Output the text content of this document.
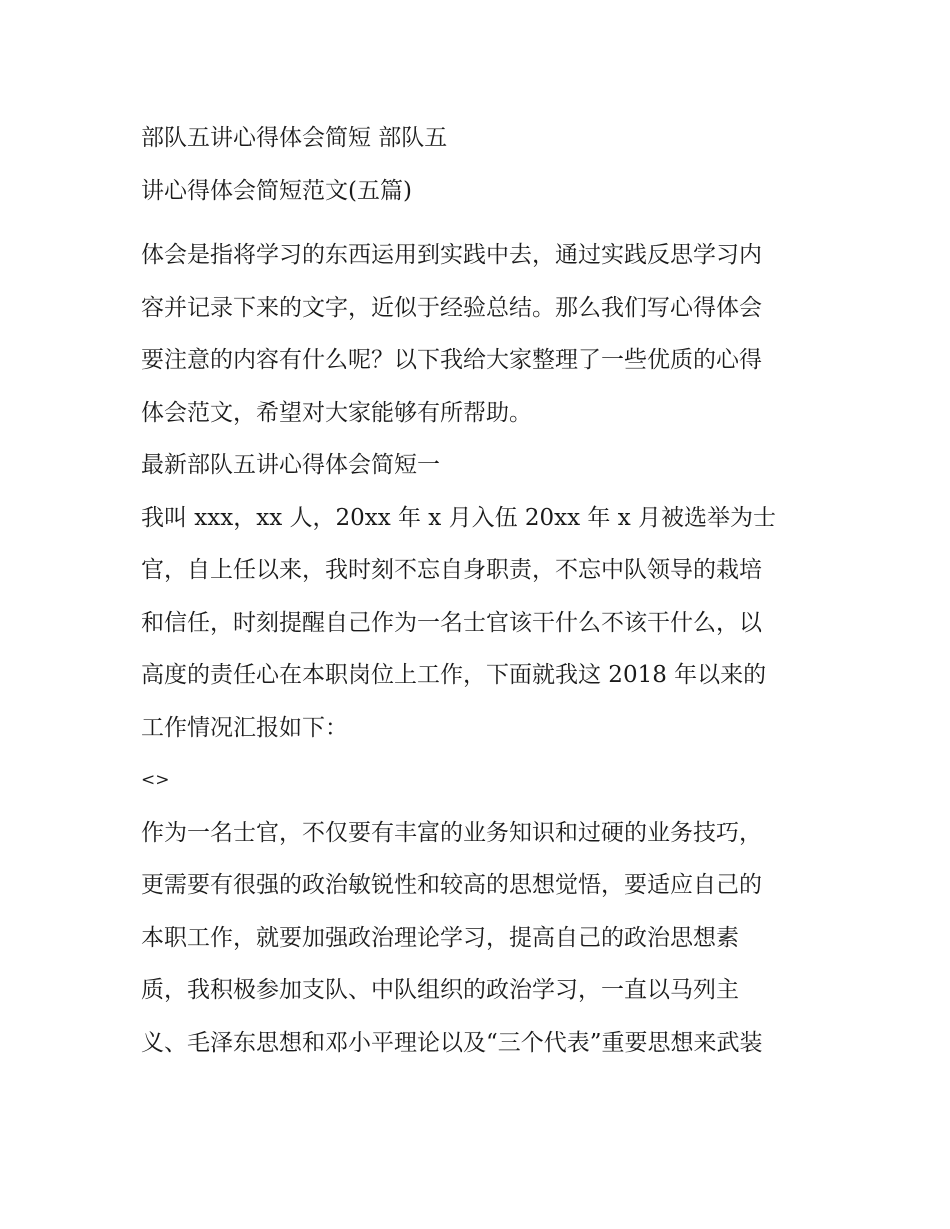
部队五讲心得体会简短 部队五
讲心得体会简短范文(五篇)
体会是指将学习的东西运用到实践中去，通过实践反思学习内
容并记录下来的文字，近似于经验总结。那么我们写心得体会
要注意的内容有什么呢？以下我给大家整理了一些优质的心得
体会范文，希望对大家能够有所帮助。
最新部队五讲心得体会简短一
我叫 xxx，xx 人，20xx 年 x 月入伍 20xx 年 x 月被选举为士
官，自上任以来，我时刻不忘自身职责，不忘中队领导的栽培
和信任，时刻提醒自己作为一名士官该干什么不该干什么，以
高度的责任心在本职岗位上工作，下面就我这 2018 年以来的
工作情况汇报如下：
<>
作为一名士官，不仅要有丰富的业务知识和过硬的业务技巧，
更需要有很强的政治敏锐性和较高的思想觉悟，要适应自己的
本职工作，就要加强政治理论学习，提高自己的政治思想素
质，我积极参加支队、中队组织的政治学习，一直以马列主
义、毛泽东思想和邓小平理论以及“三个代表”重要思想来武装
